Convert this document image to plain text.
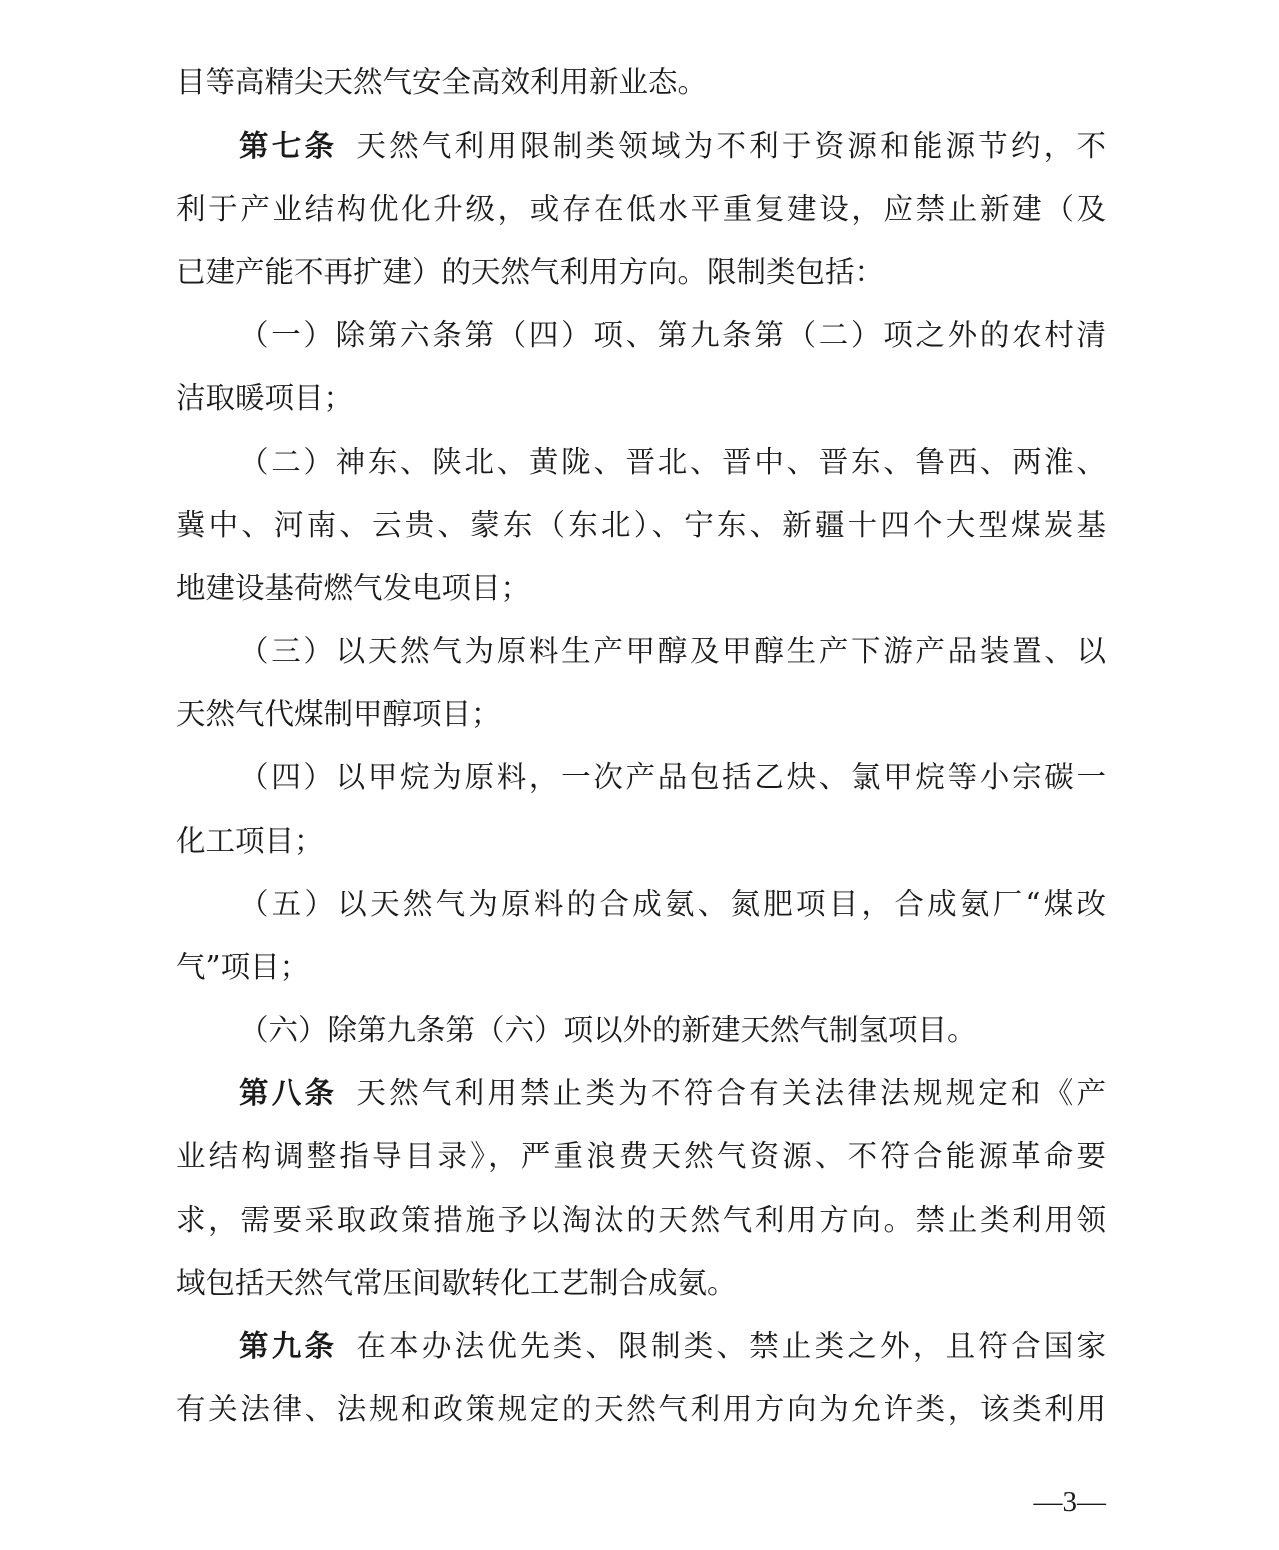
目等高精尖天然气安全高效利用新业态。
第七条 天然气利用限制类领域为不利于资源和能源节约，不
利于产业结构优化升级，或存在低水平重复建设，应禁止新建（及
已建产能不再扩建）的天然气利用方向。限制类包括：
（一）除第六条第（四）项、第九条第（二）项之外的农村清
洁取暖项目；
（二）神东、陕北、黄陇、晋北、晋中、晋东、鲁西、两淮、
冀中、河南、云贵、蒙东（东北）、宁东、新疆十四个大型煤炭基
地建设基荷燃气发电项目；
（三）以天然气为原料生产甲醇及甲醇生产下游产品装置、以
天然气代煤制甲醇项目；
（四）以甲烷为原料，一次产品包括乙炔、氯甲烷等小宗碳一
化工项目；
（五）以天然气为原料的合成氨、氮肥项目，合成氨厂“煤改
气”项目；
（六）除第九条第（六）项以外的新建天然气制氢项目。
第八条 天然气利用禁止类为不符合有关法律法规规定和《产
业结构调整指导目录》，严重浪费天然气资源、不符合能源革命要
求，需要采取政策措施予以淘汰的天然气利用方向。禁止类利用领
域包括天然气常压间歇转化工艺制合成氨。
第九条 在本办法优先类、限制类、禁止类之外，且符合国家
有关法律、法规和政策规定的天然气利用方向为允许类，该类利用
—3—
